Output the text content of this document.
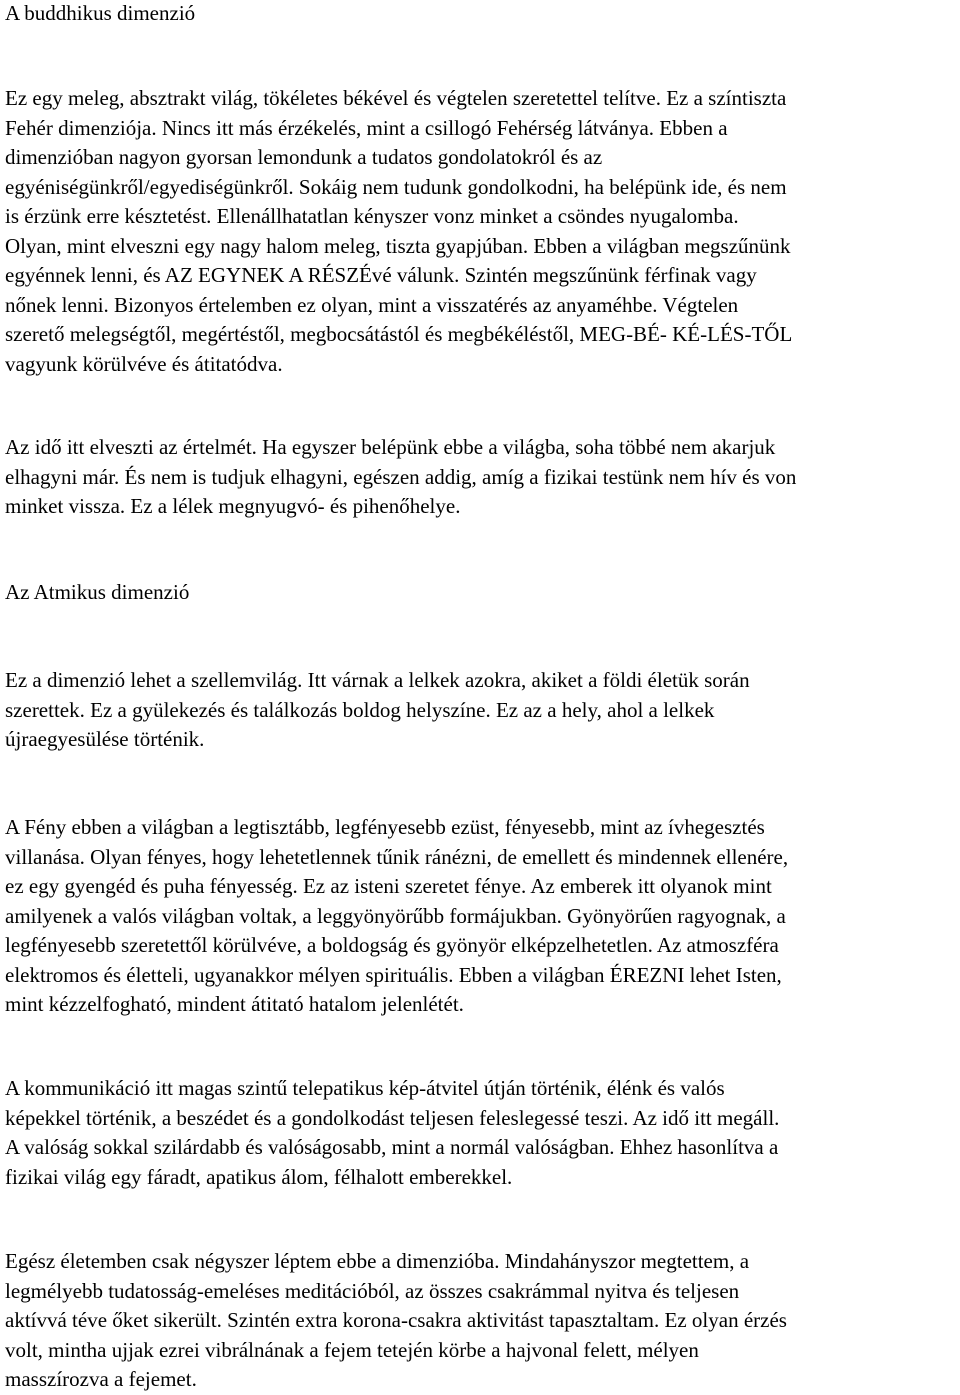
A buddhikus dimenzió
Ez egy meleg, absztrakt világ, tökéletes békével és végtelen szeretettel telítve. Ez a színtiszta
Fehér dimenziója. Nincs itt más érzékelés, mint a csillogó Fehérség látványa. Ebben a
dimenzióban nagyon gyorsan lemondunk a tudatos gondolatokról és az
egyéniségünkről/egyediségünkről. Sokáig nem tudunk gondolkodni, ha belépünk ide, és nem
is érzünk erre késztetést. Ellenállhatatlan kényszer vonz minket a csöndes nyugalomba.
Olyan, mint elveszni egy nagy halom meleg, tiszta gyapjúban. Ebben a világban megszűnünk
egyénnek lenni, és AZ EGYNEK A RÉSZÉvé válunk. Szintén megszűnünk férfinak vagy
nőnek lenni. Bizonyos értelemben ez olyan, mint a visszatérés az anyaméhbe. Végtelen
szerető melegségtől, megértéstől, megbocsátástól és megbékéléstől, MEG-BÉ- KÉ-LÉS-TŐL
vagyunk körülvéve és átitatódva.
Az idő itt elveszti az értelmét. Ha egyszer belépünk ebbe a világba, soha többé nem akarjuk
elhagyni már. És nem is tudjuk elhagyni, egészen addig, amíg a fizikai testünk nem hív és von
minket vissza. Ez a lélek megnyugvó- és pihenőhelye.
Az Atmikus dimenzió
Ez a dimenzió lehet a szellemvilág. Itt várnak a lelkek azokra, akiket a földi életük során
szerettek. Ez a gyülekezés és találkozás boldog helyszíne. Ez az a hely, ahol a lelkek
újraegyesülése történik.
A Fény ebben a világban a legtisztább, legfényesebb ezüst, fényesebb, mint az ívhegesztés
villanása. Olyan fényes, hogy lehetetlennek tűnik ránézni, de emellett és mindennek ellenére,
ez egy gyengéd és puha fényesség. Ez az isteni szeretet fénye. Az emberek itt olyanok mint
amilyenek a valós világban voltak, a leggyönyörűbb formájukban. Gyönyörűen ragyognak, a
legfényesebb szeretettől körülvéve, a boldogság és gyönyör elképzelhetetlen. Az atmoszféra
elektromos és életteli, ugyanakkor mélyen spirituális. Ebben a világban ÉREZNI lehet Isten,
mint kézzelfogható, mindent átitató hatalom jelenlétét.
A kommunikáció itt magas szintű telepatikus kép-átvitel útján történik, élénk és valós
képekkel történik, a beszédet és a gondolkodást teljesen feleslegessé teszi. Az idő itt megáll.
A valóság sokkal szilárdabb és valóságosabb, mint a normál valóságban. Ehhez hasonlítva a
fizikai világ egy fáradt, apatikus álom, félhalott emberekkel.
Egész életemben csak négyszer léptem ebbe a dimenzióba. Mindahányszor megtettem, a
legmélyebb tudatosság-emeléses meditációból, az összes csakrámmal nyitva és teljesen
aktívvá téve őket sikerült. Szintén extra korona-csakra aktivitást tapasztaltam. Ez olyan érzés
volt, mintha ujjak ezrei vibrálnának a fejem tetején körbe a hajvonal felett, mélyen
masszírozva a fejemet.
